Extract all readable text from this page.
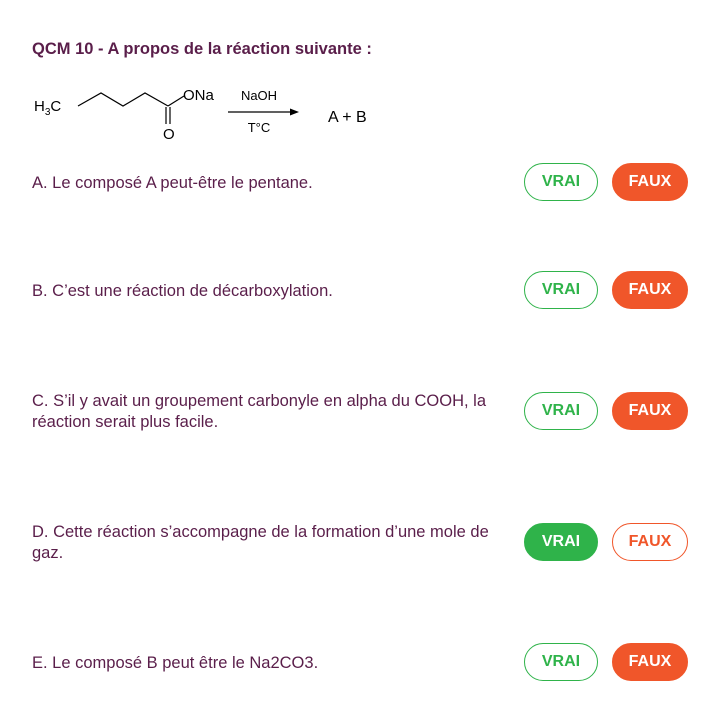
QCM 10 - A propos de la réaction suivante :
$H_3C$
ONa
O
NaOH
T°C
A + B
A. Le composé A peut-être le pentane.	VRAI	FAUX
B. C’est une réaction de décarboxylation.	VRAI	FAUX
C. S’il y avait un groupement carbonyle en alpha du COOH, la réaction serait plus facile.
VRAI	FAUX
D. Cette réaction s’accompagne de la formation d’une mole de gaz.
VRAI	FAUX
E. Le composé B peut être le Na2CO3.	VRAI	FAUX
